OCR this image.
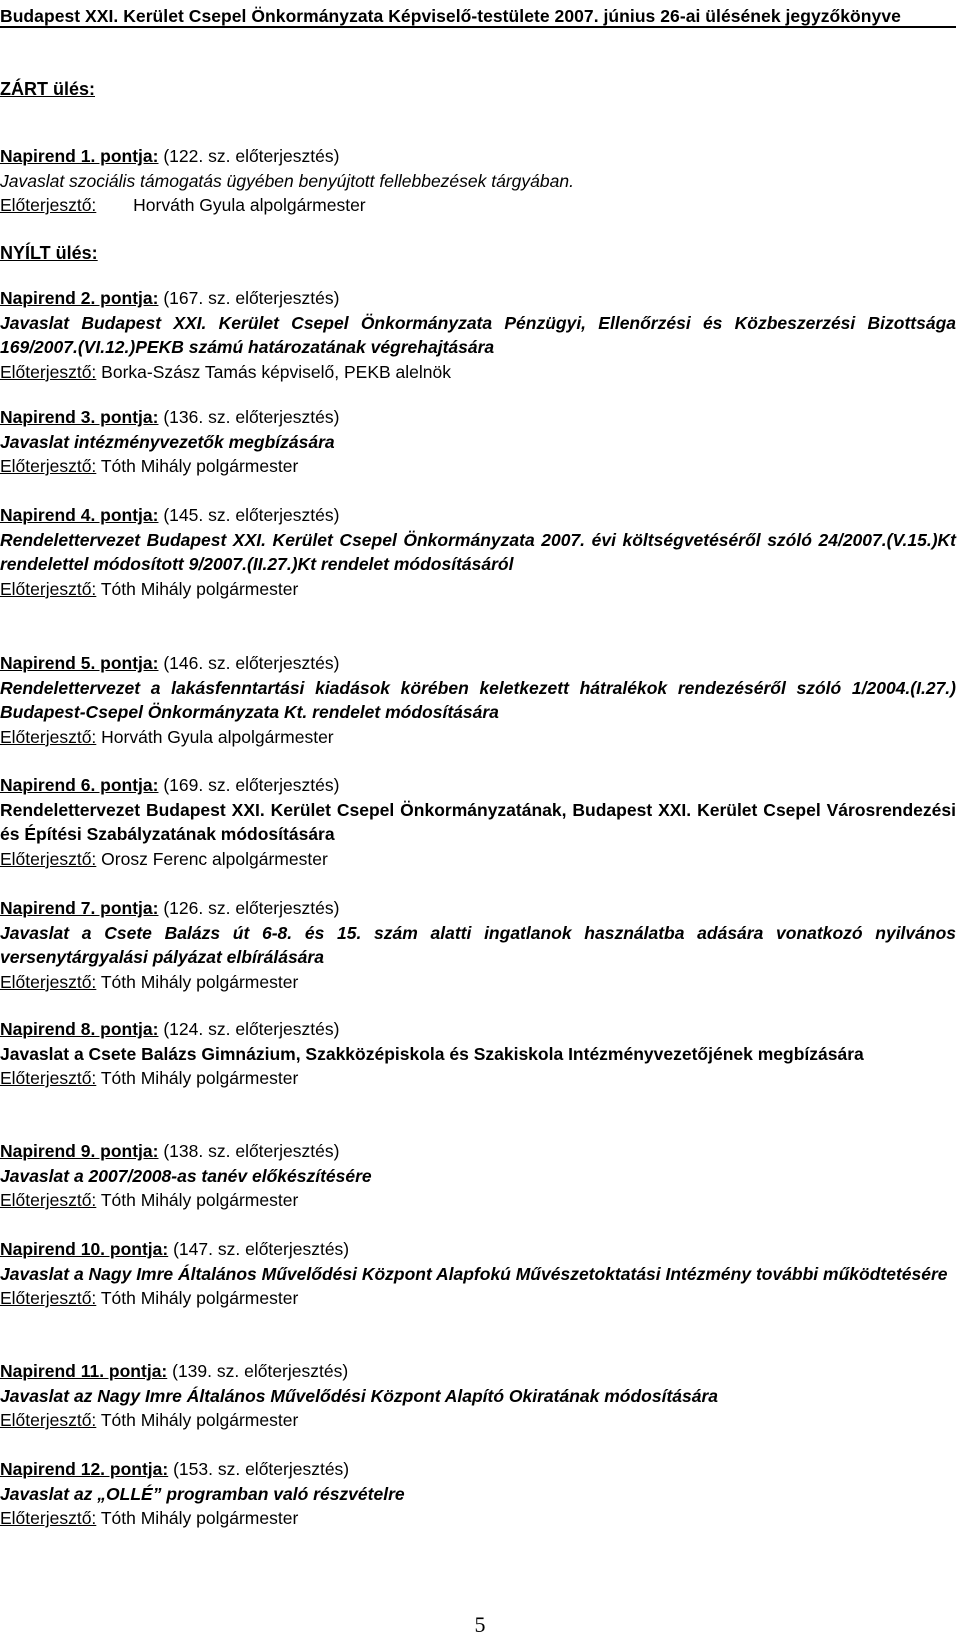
Budapest XXI. Kerület Csepel Önkormányzata Képviselő-testülete 2007. június 26-ai ülésének jegyzőkönyve
ZÁRT ülés:
Napirend 1. pontja: (122. sz. előterjesztés)
Javaslat szociális támogatás ügyében benyújtott fellebbezések tárgyában.
Előterjesztő: Horváth Gyula alpolgármester
NYÍLT ülés:
Napirend 2. pontja: (167. sz. előterjesztés)
Javaslat Budapest XXI. Kerület Csepel Önkormányzata Pénzügyi, Ellenőrzési és Közbeszerzési Bizottsága 169/2007.(VI.12.)PEKB számú határozatának végrehajtására
Előterjesztő: Borka-Szász Tamás képviselő, PEKB alelnök
Napirend 3. pontja: (136. sz. előterjesztés)
Javaslat intézményvezetők megbízására
Előterjesztő: Tóth Mihály polgármester
Napirend 4. pontja: (145. sz. előterjesztés)
Rendelettervezet Budapest XXI. Kerület Csepel Önkormányzata 2007. évi költségvetéséről szóló 24/2007.(V.15.)Kt rendelettel módosított 9/2007.(II.27.)Kt rendelet módosításáról
Előterjesztő: Tóth Mihály polgármester
Napirend 5. pontja: (146. sz. előterjesztés)
Rendelettervezet a lakásfenntartási kiadások körében keletkezett hátralékok rendezéséről szóló 1/2004.(I.27.) Budapest-Csepel Önkormányzata Kt. rendelet módosítására
Előterjesztő: Horváth Gyula alpolgármester
Napirend 6. pontja: (169. sz. előterjesztés)
Rendelettervezet Budapest XXI. Kerület Csepel Önkormányzatának, Budapest XXI. Kerület Csepel Városrendezési és Építési Szabályzatának módosítására
Előterjesztő: Orosz Ferenc alpolgármester
Napirend 7. pontja: (126. sz. előterjesztés)
Javaslat a Csete Balázs út 6-8. és 15. szám alatti ingatlanok használatba adására vonatkozó nyilvános versenytárgyalási pályázat elbírálására
Előterjesztő: Tóth Mihály polgármester
Napirend 8. pontja: (124. sz. előterjesztés)
Javaslat a Csete Balázs Gimnázium, Szakközépiskola és Szakiskola Intézményvezetőjének megbízására
Előterjesztő: Tóth Mihály polgármester
Napirend 9. pontja: (138. sz. előterjesztés)
Javaslat a 2007/2008-as tanév előkészítésére
Előterjesztő: Tóth Mihály polgármester
Napirend 10. pontja: (147. sz. előterjesztés)
Javaslat a Nagy Imre Általános Művelődési Központ Alapfokú Művészetoktatási Intézmény további működtetésére
Előterjesztő: Tóth Mihály polgármester
Napirend 11. pontja: (139. sz. előterjesztés)
Javaslat az Nagy Imre Általános Művelődési Központ Alapító Okiratának módosítására
Előterjesztő: Tóth Mihály polgármester
Napirend 12. pontja: (153. sz. előterjesztés)
Javaslat az „OLLÉ” programban való részvételre
Előterjesztő: Tóth Mihály polgármester
5
